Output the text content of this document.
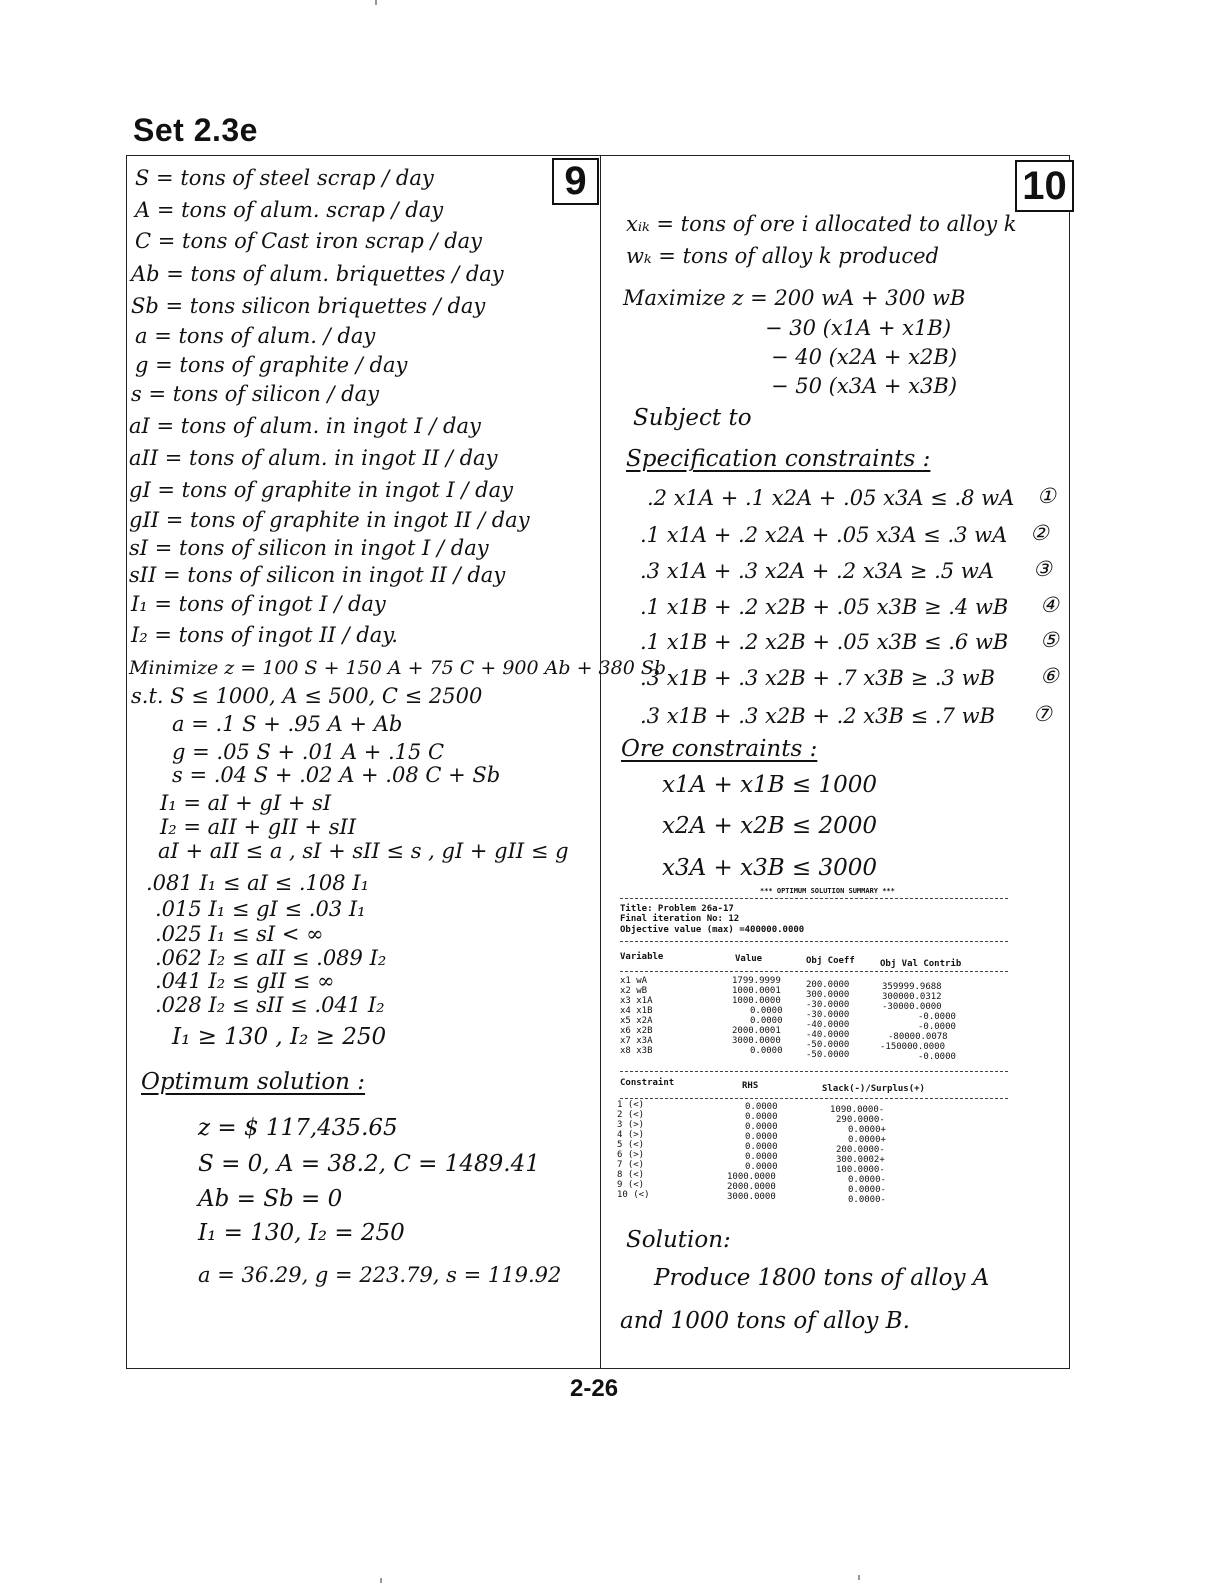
Set 2.3e
9	10
S = tons of steel scrap / day
A = tons of alum. scrap / day
C = tons of Cast iron scrap / day
Ab = tons of alum. briquettes / day
Sb = tons silicon briquettes / day
a = tons of alum. / day
g = tons of graphite / day
s = tons of silicon / day
aI = tons of alum. in ingot I / day
aII = tons of alum. in ingot II / day
gI = tons of graphite in ingot I / day
gII = tons of graphite in ingot II / day
sI = tons of silicon in ingot I / day
sII = tons of silicon in ingot II / day
I₁ = tons of ingot I / day
I₂ = tons of ingot II / day.
Minimize z = 100 S + 150 A + 75 C + 900 Ab + 380 Sb
s.t. S ≤ 1000, A ≤ 500, C ≤ 2500
a = .1 S + .95 A + Ab
g = .05 S + .01 A + .15 C
s = .04 S + .02 A + .08 C + Sb
I₁ = aI + gI + sI
I₂ = aII + gII + sII
aI + aII ≤ a , sI + sII ≤ s , gI + gII ≤ g
.081 I₁ ≤ aI ≤ .108 I₁
.015 I₁ ≤ gI ≤ .03 I₁
.025 I₁ ≤ sI < ∞
.062 I₂ ≤ aII ≤ .089 I₂
.041 I₂ ≤ gII ≤ ∞
.028 I₂ ≤ sII ≤ .041 I₂
I₁ ≥ 130 , I₂ ≥ 250
Optimum solution :
z = $ 117,435.65
S = 0, A = 38.2, C = 1489.41
Ab = Sb = 0
I₁ = 130, I₂ = 250
a = 36.29, g = 223.79, s = 119.92
xᵢₖ = tons of ore i allocated to alloy k
wₖ = tons of alloy k produced
Maximize z = 200 wA + 300 wB
− 30 (x1A + x1B)
− 40 (x2A + x2B)
− 50 (x3A + x3B)
Subject to
Specification constraints :
.2 x1A + .1 x2A + .05 x3A ≤ .8 wA ①
.1 x1A + .2 x2A + .05 x3A ≤ .3 wA ②
.3 x1A + .3 x2A + .2 x3A ≥ .5 wA ③
.1 x1B + .2 x2B + .05 x3B ≥ .4 wB ④
.1 x1B + .2 x2B + .05 x3B ≤ .6 wB ⑤
.3 x1B + .3 x2B + .7 x3B ≥ .3 wB ⑥
.3 x1B + .3 x2B + .2 x3B ≤ .7 wB ⑦
Ore constraints :
x1A + x1B ≤ 1000
x2A + x2B ≤ 2000
x3A + x3B ≤ 3000
*** OPTIMUM SOLUTION SUMMARY ***
Title: Problem 26a-17
Final iteration No: 12
Objective value (max) =400000.0000
Variable	Value	Obj Coeff	Obj Val Contrib
x1 wA	1799.9999	200.0000	359999.9688
x2 wB	1000.0001	300.0000	300000.0312
x3 x1A	1000.0000	-30.0000	-30000.0000
x4 x1B	0.0000	-30.0000	-0.0000
x5 x2A	0.0000	-40.0000	-0.0000
x6 x2B	2000.0001	-40.0000	-80000.0078
x7 x3A	3000.0000	-50.0000	-150000.0000
x8 x3B	0.0000	-50.0000	-0.0000
Constraint	RHS	Slack(-)/Surplus(+)
1 (<)	0.0000	1090.0000-
2 (<)	0.0000	290.0000-
3 (>)	0.0000	0.0000+
4 (>)	0.0000	0.0000+
5 (<)	0.0000	200.0000-
6 (>)	0.0000	300.0002+
7 (<)	0.0000	100.0000-
8 (<)	1000.0000	0.0000-
9 (<)	2000.0000	0.0000-
10 (<)	3000.0000	0.0000-
Solution:
Produce 1800 tons of alloy A
and 1000 tons of alloy B.
2-26
